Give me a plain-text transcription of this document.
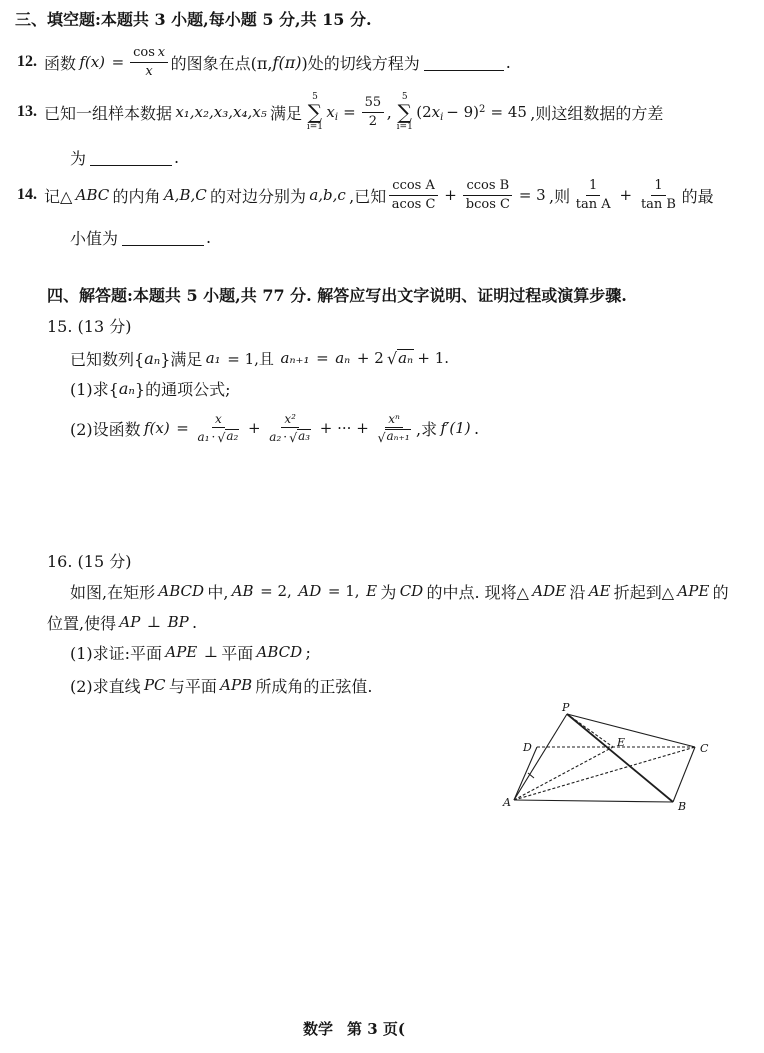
三、填空题:本题共 3 小题,每小题 5 分,共 15 分.
12. 函数 $f(x) = \frac{\text{cos x}}{x}$ 的图象在点(π, f(π) )处的切线方程为	.
13. 已知一组样本数据 x₁,x₂,x₃,x₄,x₅ 满足
5
∑
i=1
$x_i = \frac{55}{2}$ ,
5
∑
i=1
$(2x_i - 9)^2 = 45$ ,则这组数据的方差
为	.
14. 记△ ABC 的内角 A,B,C 的对边分别为 a,b,c ,已知 $\frac{\text{ccos A}}{\text{acos C}} + \frac{\text{ccos B}}{\text{bcos C}} = 3$ ,则 $\frac{1}{\text{tan A}} + \frac{1}{\text{tan B}}$ 的最
小值为	.
四、解答题:本题共 5 小题,共 77 分. 解答应写出文字说明、证明过程或演算步骤.
15. (13 分)
已知数列{ aₙ }满足 a₁ = 1,且 aₙ₊₁ = aₙ + 2 √ aₙ + 1.
(1)求{ aₙ }的通项公式;
(2)设函数 $f(x) = \frac{x}{\text{a₁ · √ a₂}} + \frac{\text{x²}}{\text{a₂ · √ a₃}}$ + ··· + $\frac{\text{xⁿ}}{\text{√ aₙ₊₁}}$ ,求 f′(1) .
16. (15 分)
如图,在矩形 ABCD 中, AB = 2, AD = 1, E 为 CD 的中点. 现将△ ADE 沿 AE 折起到△ APE 的
位置,使得 AP ⊥ BP .
(1)求证:平面 APE ⊥ 平面 ABCD ;
(2)求直线 PC 与平面 APB 所成角的正弦值.
P
D	E	C
A	B
数学 第 3 页(
